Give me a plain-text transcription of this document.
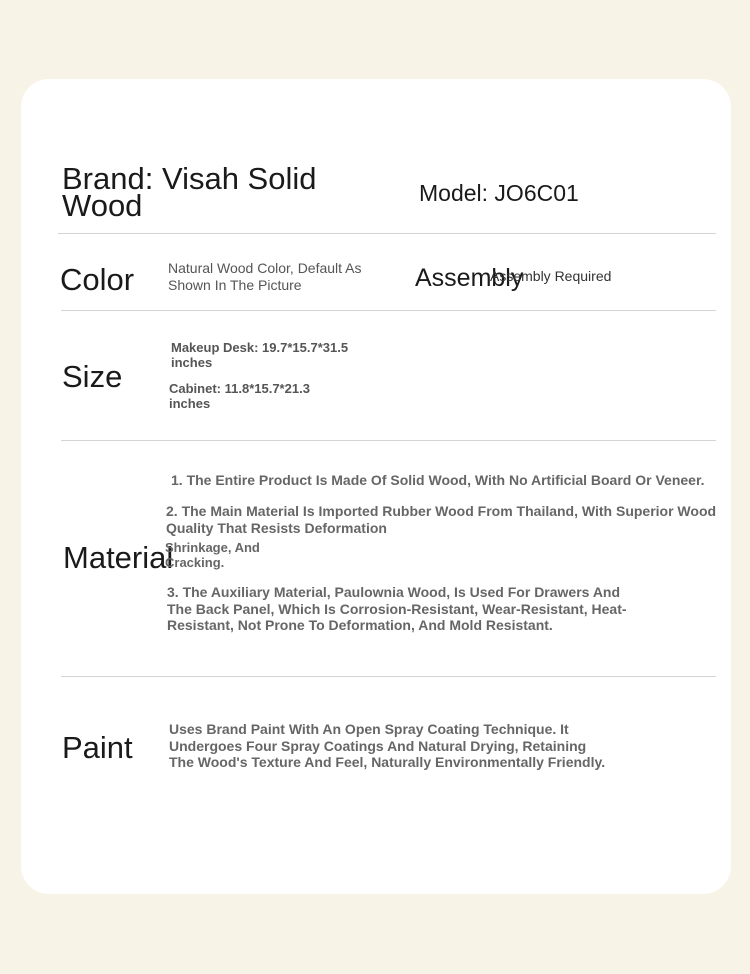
Brand: Visah Solid Wood	Model: JO6C01
Color Natural Wood Color, Default As Shown In The Picture	Assembly
Assembly Required
Size
Makeup Desk: 19.7*15.7*31.5 inches
Cabinet: 11.8*15.7*21.3 inches
Material
1. The Entire Product Is Made Of Solid Wood, With No Artificial Board Or Veneer.
2. The Main Material Is Imported Rubber Wood From Thailand, With Superior Wood Quality That Resists Deformation
Shrinkage, And Cracking.
3. The Auxiliary Material, Paulownia Wood, Is Used For Drawers And The Back Panel, Which Is Corrosion-Resistant, Wear-Resistant, Heat-Resistant, Not Prone To Deformation, And Mold Resistant.
Paint
Uses Brand Paint With An Open Spray Coating Technique. It Undergoes Four Spray Coatings And Natural Drying, Retaining The Wood's Texture And Feel, Naturally Environmentally Friendly.
